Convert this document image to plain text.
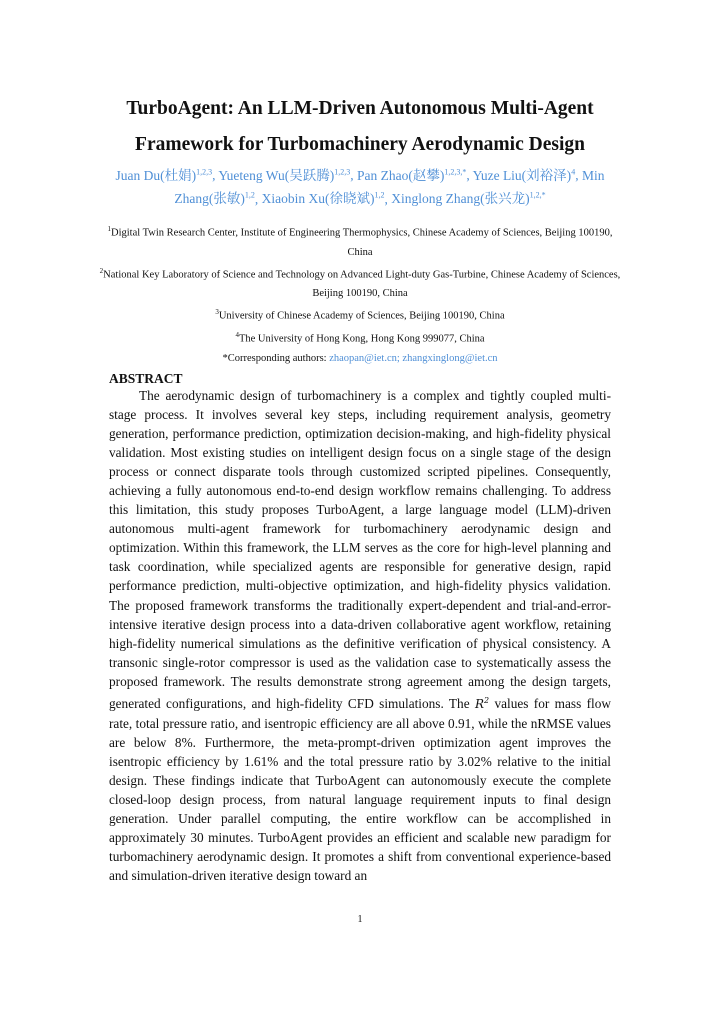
TurboAgent: An LLM-Driven Autonomous Multi-Agent
Framework for Turbomachinery Aerodynamic Design
Juan Du(杜娟)$^{1,2,3}$, Yueteng Wu(吴跃腾)$^{1,2,3}$, Pan Zhao(赵攀)$^{1,2,3,*}$, Yuze Liu(刘裕泽)$^4$, Min Zhang(张敏)$^{1,2}$, Xiaobin Xu(徐晓斌)$^{1,2}$, Xinglong Zhang(张兴龙)$^{1,2,*}$
$^1$Digital Twin Research Center, Institute of Engineering Thermophysics, Chinese Academy of Sciences, Beijing 100190, China
$^2$National Key Laboratory of Science and Technology on Advanced Light-duty Gas-Turbine, Chinese Academy of Sciences, Beijing 100190, China
$^3$University of Chinese Academy of Sciences, Beijing 100190, China
$^4$The University of Hong Kong, Hong Kong 999077, China
*Corresponding authors: zhaopan@iet.cn; zhangxinglong@iet.cn
ABSTRACT

The aerodynamic design of turbomachinery is a complex and tightly coupled multi-stage process. It involves several key steps, including requirement analysis, geometry generation, performance prediction, optimization decision-making, and high-fidelity physical validation. Most existing studies on intelligent design focus on a single stage of the design process or connect disparate tools through customized scripted pipelines. Consequently, achieving a fully autonomous end-to-end design workflow remains challenging. To address this limitation, this study proposes TurboAgent, a large language model (LLM)-driven autonomous multi-agent framework for turbomachinery aerodynamic design and optimization. Within this framework, the LLM serves as the core for high-level planning and task coordination, while specialized agents are responsible for generative design, rapid performance prediction, multi-objective optimization, and high-fidelity physics validation. The proposed framework transforms the traditionally expert-dependent and trial-and-error-intensive iterative design process into a data-driven collaborative agent workflow, retaining high-fidelity numerical simulations as the definitive verification of physical consistency. A transonic single-rotor compressor is used as the validation case to systematically assess the proposed framework. The results demonstrate strong agreement among the design targets, generated configurations, and high-fidelity CFD simulations. The $R^2$ values for mass flow rate, total pressure ratio, and isentropic efficiency are all above 0.91, while the nRMSE values are below 8%. Furthermore, the meta-prompt-driven optimization agent improves the isentropic efficiency by 1.61% and the total pressure ratio by 3.02% relative to the initial design. These findings indicate that TurboAgent can autonomously execute the complete closed-loop design process, from natural language requirement inputs to final design generation. Under parallel computing, the entire workflow can be accomplished in approximately 30 minutes. TurboAgent provides an efficient and scalable new paradigm for turbomachinery aerodynamic design. It promotes a shift from conventional experience-based and simulation-driven iterative design toward an

1
